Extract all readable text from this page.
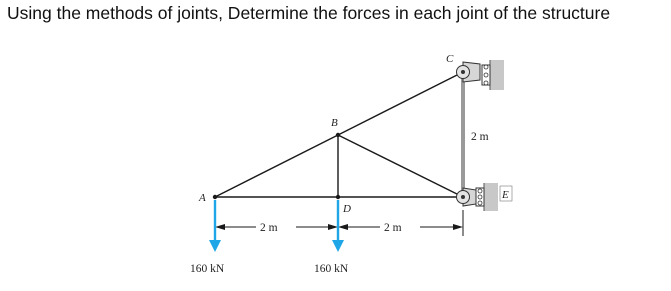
Using the methods of joints, Determine the forces in each joint of the structure
A
B
C
D
E
2 m
2 m	2 m
160 kN	160 kN
